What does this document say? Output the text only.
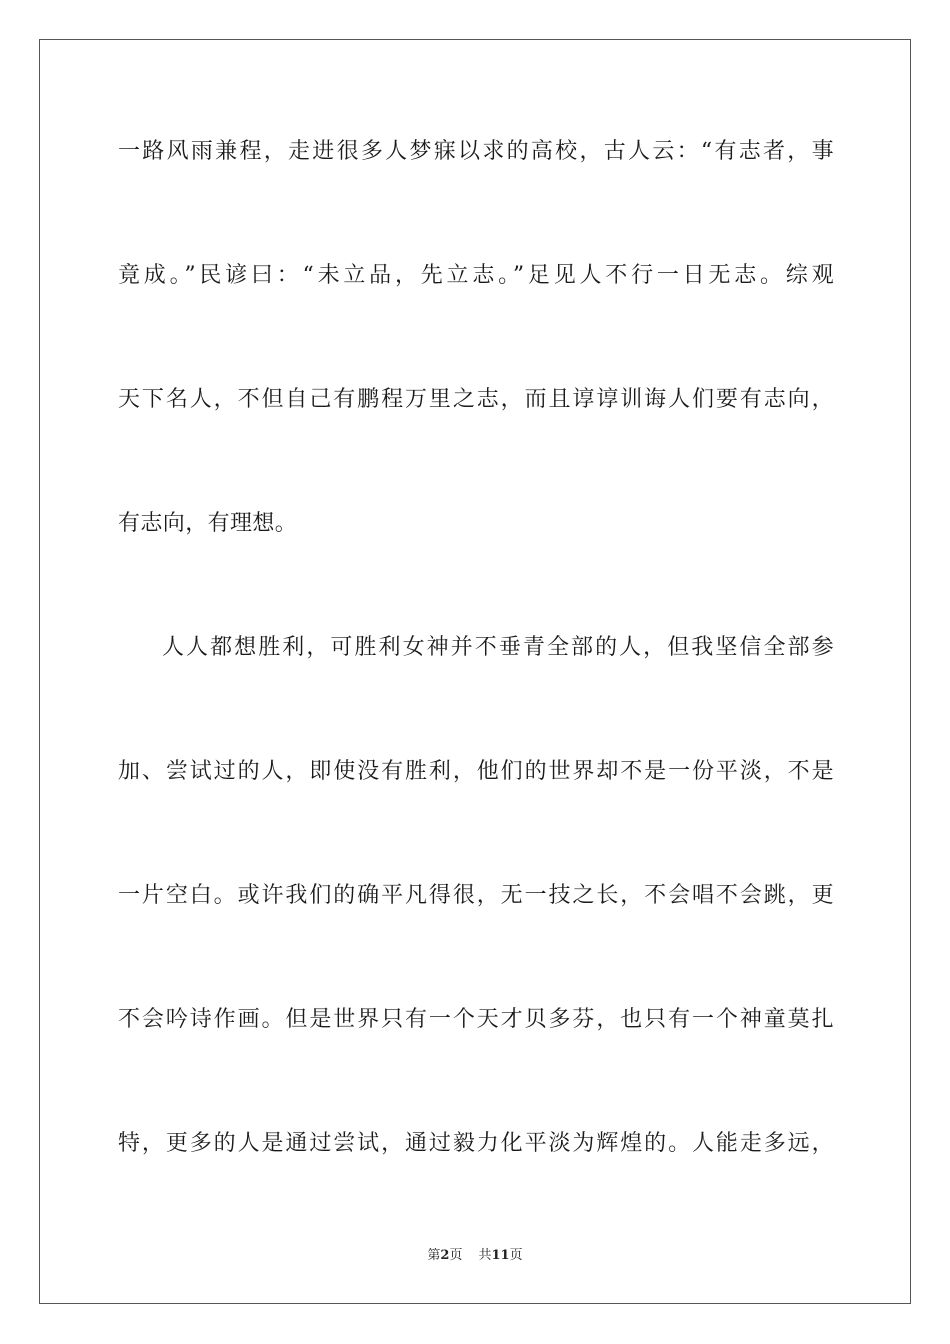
一路风雨兼程，走进很多人梦寐以求的高校，古人云：“有志者，事
竟成。”民谚曰：“未立品，先立志。”足见人不行一日无志。综观
天下名人，不但自己有鹏程万里之志，而且谆谆训诲人们要有志向，
有志向，有理想。
人人都想胜利，可胜利女神并不垂青全部的人，但我坚信全部参
加、尝试过的人，即使没有胜利，他们的世界却不是一份平淡，不是
一片空白。或许我们的确平凡得很，无一技之长，不会唱不会跳，更
不会吟诗作画。但是世界只有一个天才贝多芬，也只有一个神童莫扎
特，更多的人是通过尝试，通过毅力化平淡为辉煌的。人能走多远，
第2页 共11页
